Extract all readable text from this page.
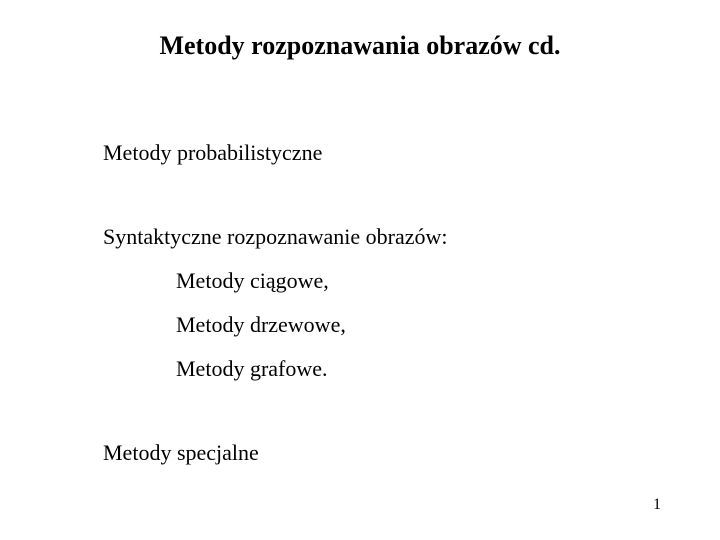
Metody rozpoznawania obrazów cd.
Metody probabilistyczne
Syntaktyczne rozpoznawanie obrazów:
Metody ciągowe,
Metody drzewowe,
Metody grafowe.
Metody specjalne
1
